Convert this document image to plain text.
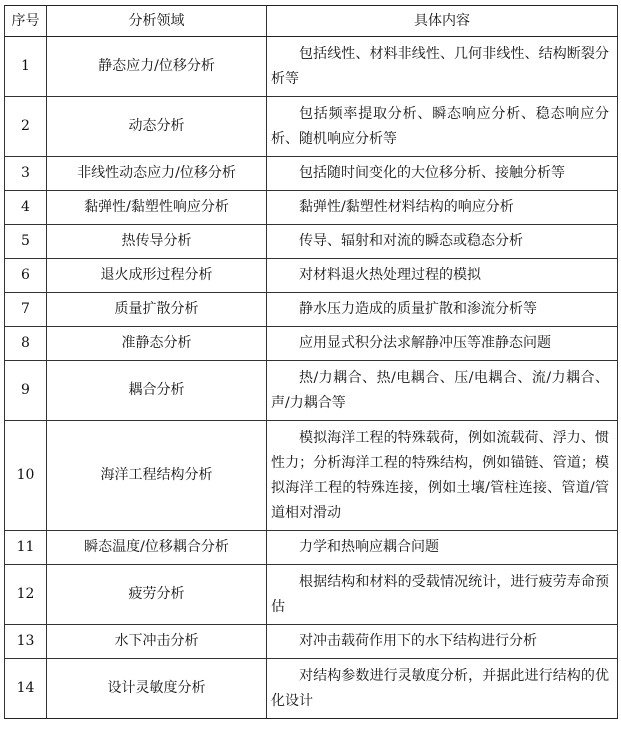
序号	分析领域	具体内容
1	静态应力/位移分析	包括线性、材料非线性、几何非线性、结构断裂分析等
2	动态分析	包括频率提取分析、瞬态响应分析、稳态响应分析、随机响应分析等
3	非线性动态应力/位移分析	包括随时间变化的大位移分析、接触分析等
4	黏弹性/黏塑性响应分析	黏弹性/黏塑性材料结构的响应分析
5	热传导分析	传导、辐射和对流的瞬态或稳态分析
6	退火成形过程分析	对材料退火热处理过程的模拟
7	质量扩散分析	静水压力造成的质量扩散和渗流分析等
8	准静态分析	应用显式积分法求解静冲压等准静态问题
9	耦合分析	热/力耦合、热/电耦合、压/电耦合、流/力耦合、声/力耦合等
10	海洋工程结构分析	模拟海洋工程的特殊载荷，例如流载荷、浮力、惯性力；分析海洋工程的特殊结构，例如锚链、管道；模拟海洋工程的特殊连接，例如土壤/管柱连接、管道/管道相对滑动
11	瞬态温度/位移耦合分析	力学和热响应耦合问题
12	疲劳分析	根据结构和材料的受载情况统计，进行疲劳寿命预估
13	水下冲击分析	对冲击载荷作用下的水下结构进行分析
14	设计灵敏度分析	对结构参数进行灵敏度分析，并据此进行结构的优化设计
